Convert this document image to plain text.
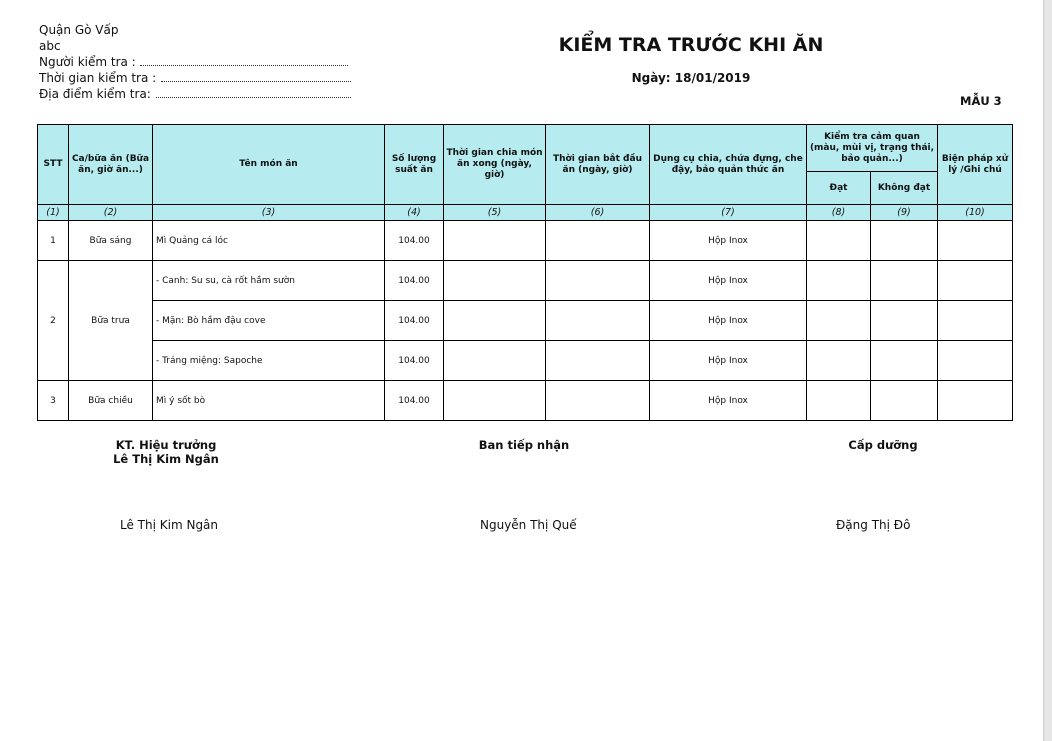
Quận Gò Vấp
abc
Người kiểm tra :
Thời gian kiểm tra :
Địa điểm kiểm tra:
KIỂM TRA TRƯỚC KHI ĂN
Ngày: 18/01/2019
MẪU 3
STT	Ca/bữa ăn (Bữa ăn, giờ ăn...)	Tên món ăn	Số lượng suất ăn	Thời gian chia món ăn xong (ngày, giờ)	Thời gian bắt đầu ăn (ngày, giờ)	Dụng cụ chia, chứa đựng, che đậy, bảo quản thức ăn	Kiểm tra cảm quan (màu, mùi vị, trạng thái, bảo quản...)		Biện pháp xử lý /Ghi chú
							Đạt	Không đạt	
(1)	(2)	(3)	(4)	(5)	(6)	(7)	(8)	(9)	(10)
1	Bữa sáng	Mì Quảng cá lóc	104.00			Hộp Inox			
2	Bữa trưa	- Canh: Su su, cà rốt hầm sườn	104.00			Hộp Inox			
		- Mặn: Bò hầm đậu cove	104.00			Hộp Inox			
		- Tráng miệng: Sapoche	104.00			Hộp Inox			
3	Bữa chiều	Mì ý sốt bò	104.00			Hộp Inox			
KT. Hiệu trưởng
Lê Thị Kim Ngân
Ban tiếp nhận	Cấp dưỡng
Lê Thị Kim Ngân	Nguyễn Thị Quế	Đặng Thị Đô
